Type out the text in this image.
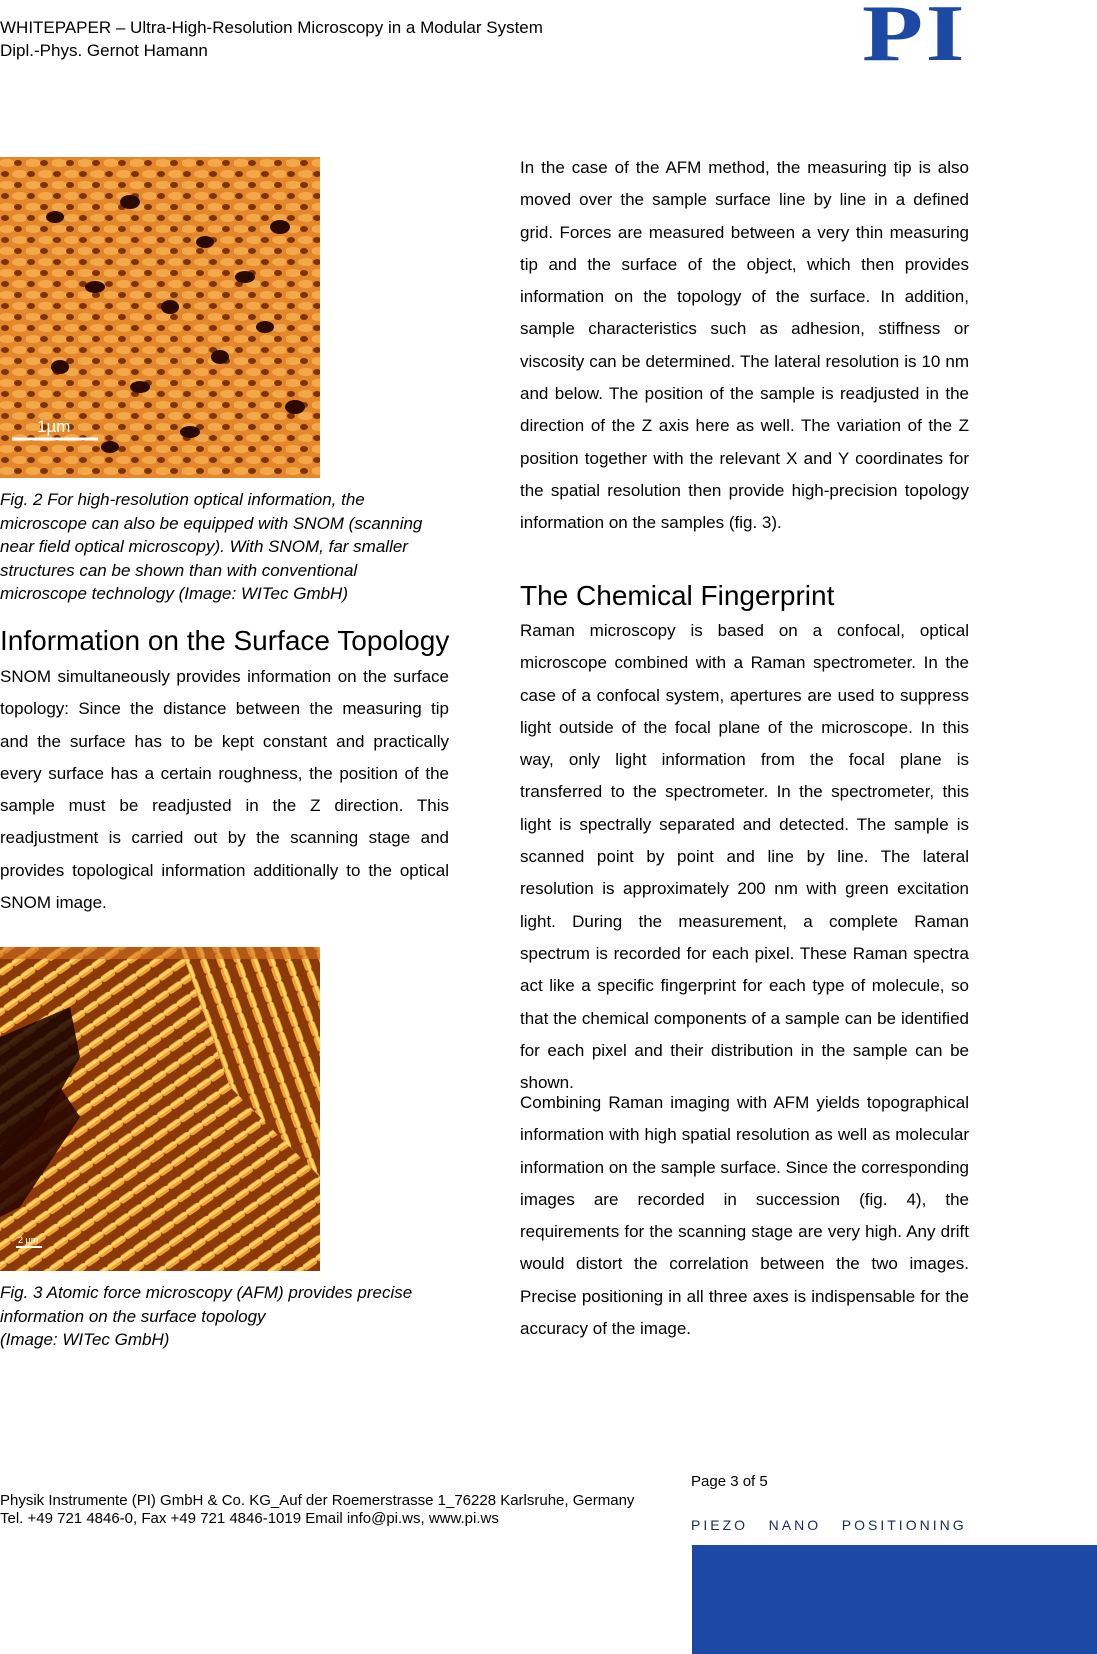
WHITEPAPER – Ultra-High-Resolution Microscopy in a Modular System
Dipl.-Phys. Gernot Hamann	PI
1µm
Fig. 2 For high-resolution optical information, the
microscope can also be equipped with SNOM (scanning
near field optical microscopy). With SNOM, far smaller
structures can be shown than with conventional
microscope technology (Image: WITec GmbH)
Information on the Surface Topology
SNOM simultaneously provides information on the surface topology: Since the distance between the measuring tip and the surface has to be kept constant and practically every surface has a certain roughness, the position of the sample must be readjusted in the Z direction. This readjustment is carried out by the scanning stage and provides topological information additionally to the optical SNOM image.
2 µm
Fig. 3 Atomic force microscopy (AFM) provides precise
information on the surface topology
(Image: WITec GmbH)
In the case of the AFM method, the measuring tip is also moved over the sample surface line by line in a defined grid. Forces are measured between a very thin measuring tip and the surface of the object, which then provides information on the topology of the surface. In addition, sample characteristics such as adhesion, stiffness or viscosity can be determined. The lateral resolution is 10 nm and below. The position of the sample is readjusted in the direction of the Z axis here as well. The variation of the Z position together with the relevant X and Y coordinates for the spatial resolution then provide high-precision topology information on the samples (fig. 3).
The Chemical Fingerprint
Raman microscopy is based on a confocal, optical microscope combined with a Raman spectrometer. In the case of a confocal system, apertures are used to suppress light outside of the focal plane of the microscope. In this way, only light information from the focal plane is transferred to the spectrometer. In the spectrometer, this light is spectrally separated and detected. The sample is scanned point by point and line by line. The lateral resolution is approximately 200 nm with green excitation light. During the measurement, a complete Raman spectrum is recorded for each pixel. These Raman spectra act like a specific fingerprint for each type of molecule, so that the chemical components of a sample can be identified for each pixel and their distribution in the sample can be shown.
Combining Raman imaging with AFM yields topographical information with high spatial resolution as well as molecular information on the sample surface. Since the corresponding images are recorded in succession (fig. 4), the requirements for the scanning stage are very high. Any drift would distort the correlation between the two images. Precise positioning in all three axes is indispensable for the accuracy of the image.
Page 3 of 5
Physik Instrumente (PI) GmbH & Co. KG_Auf der Roemerstrasse 1_76228 Karlsruhe, Germany
Tel. +49 721 4846-0, Fax +49 721 4846-1019 Email info@pi.ws, www.pi.ws	PIEZO   NANO   POSITIONING
